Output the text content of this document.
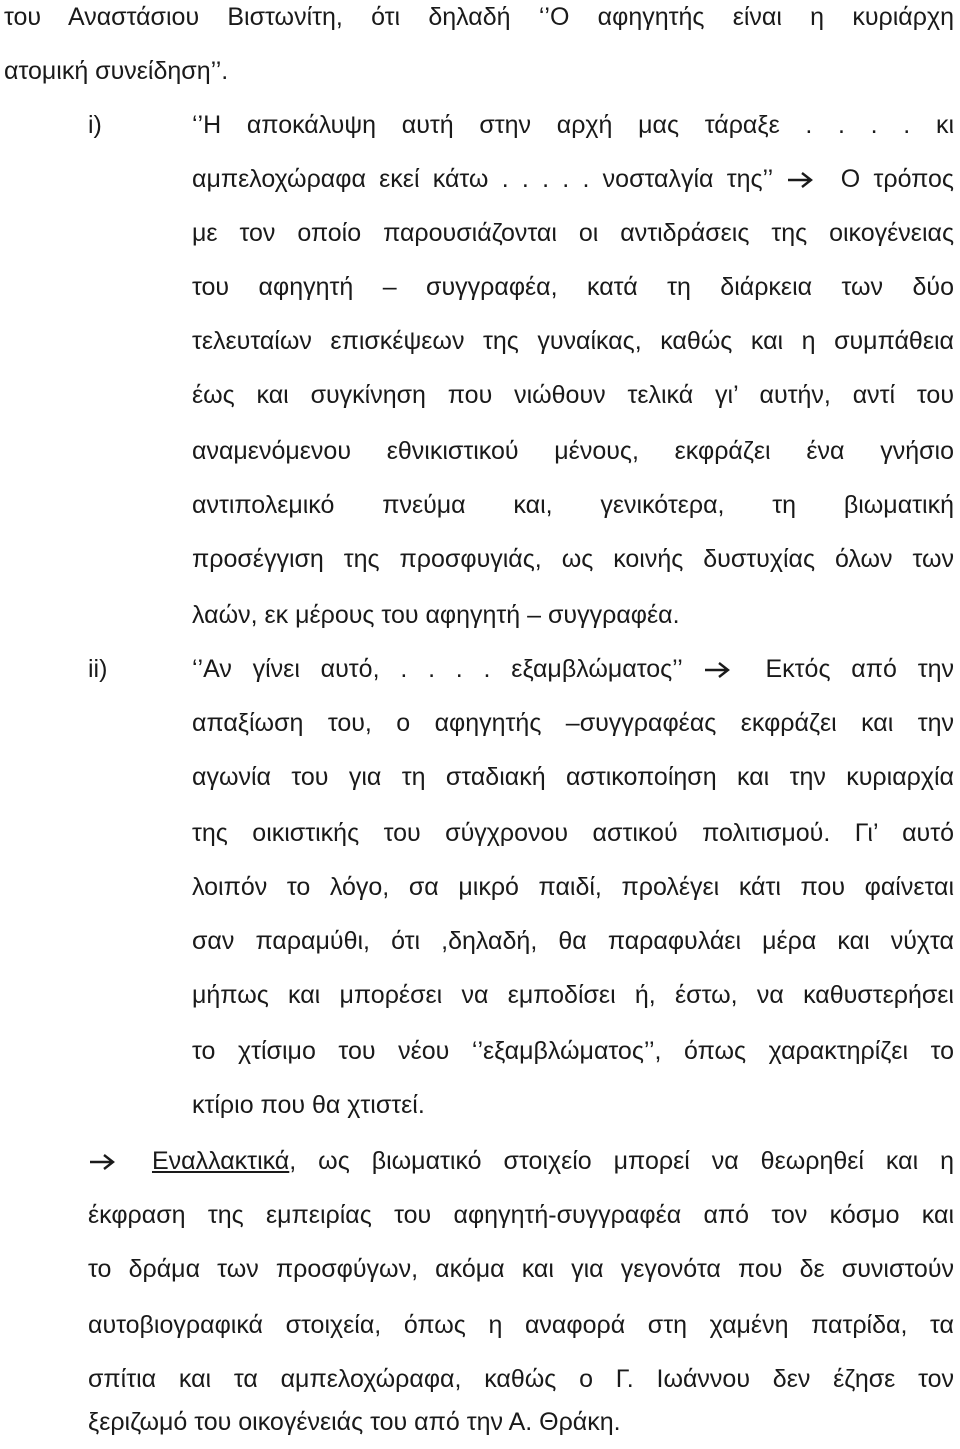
του Αναστάσιου Βιστωνίτη, ότι δηλαδή ‘’Ο αφηγητής είναι η κυριάρχη
ατομική συνείδηση’’.
i)	‘’Η αποκάλυψη αυτή στην αρχή μας τάραξε . . . . κι
αμπελοχώραφα εκεί κάτω . . . . . νοσταλγία της’’	Ο τρόπος
με τον οποίο παρουσιάζονται οι αντιδράσεις της οικογένειας
του αφηγητή – συγγραφέα, κατά τη διάρκεια των δύο
τελευταίων επισκέψεων της γυναίκας, καθώς και η συμπάθεια
έως και συγκίνηση που νιώθουν τελικά γι’ αυτήν, αντί του
αναμενόμενου εθνικιστικού μένους, εκφράζει ένα γνήσιο
αντιπολεμικό πνεύμα και, γενικότερα, τη βιωματική
προσέγγιση της προσφυγιάς, ως κοινής δυστυχίας όλων των
λαών, εκ μέρους του αφηγητή – συγγραφέα.
ii)	‘’Αν γίνει αυτό, . . . . εξαμβλώματος’’	Εκτός από την
απαξίωση του, ο αφηγητής –συγγραφέας εκφράζει και την
αγωνία του για τη σταδιακή αστικοποίηση και την κυριαρχία
της οικιστικής του σύγχρονου αστικού πολιτισμού. Γι’ αυτό
λοιπόν το λόγο, σα μικρό παιδί, προλέγει κάτι που φαίνεται
σαν παραμύθι, ότι ,δηλαδή, θα παραφυλάει μέρα και νύχτα
μήπως και μπορέσει να εμποδίσει ή, έστω, να καθυστερήσει
το χτίσιμο του νέου ‘’εξαμβλώματος’’, όπως χαρακτηρίζει το
κτίριο που θα χτιστεί.
Εναλλακτικά, ως βιωματικό στοιχείο μπορεί να θεωρηθεί και η
έκφραση της εμπειρίας του αφηγητή-συγγραφέα από τον κόσμο και
το δράμα των προσφύγων, ακόμα και για γεγονότα που δε συνιστούν
αυτοβιογραφικά στοιχεία, όπως η αναφορά στη χαμένη πατρίδα, τα
σπίτια και τα αμπελοχώραφα, καθώς ο Γ. Ιωάννου δεν έζησε τον
ξεριζωμό του οικογένειάς του από την Α. Θράκη.
